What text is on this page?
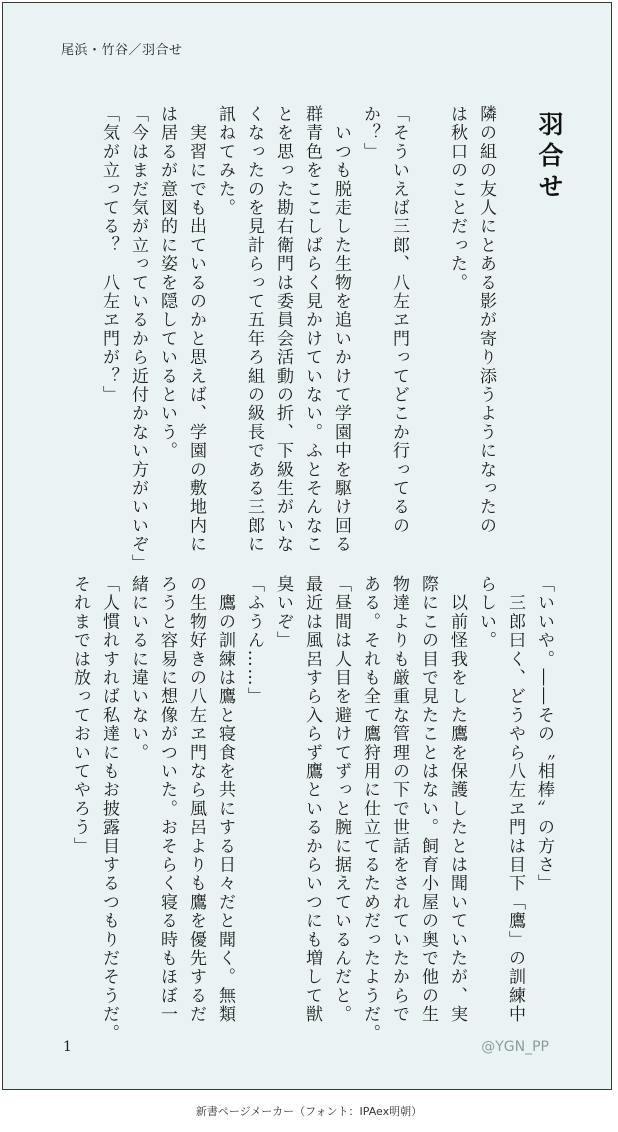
尾浜・竹谷／羽合せ
羽合せ
隣の組の友人にとある影が寄り添うようになったの
は秋口のことだった。
「そういえば三郎、八左ヱ門ってどこか行ってるの
か？」
　いつも脱走した生物を追いかけて学園中を駆け回る
群青色をここしばらく見かけていない。ふとそんなこ
とを思った勘右衛門は委員会活動の折、下級生がいな
くなったのを見計らって五年ろ組の級長である三郎に
訊ねてみた。
　実習にでも出ているのかと思えば、学園の敷地内に
は居るが意図的に姿を隠しているという。
「今はまだ気が立っているから近付かない方がいいぞ」
「気が立ってる？　八左ヱ門が？」
「いいや。――その〝相棒〟の方さ」
　三郎曰く、どうやら八左ヱ門は目下「鷹」の訓練中
らしい。
　以前怪我をした鷹を保護したとは聞いていたが、実
際にこの目で見たことはない。飼育小屋の奥で他の生
物達よりも厳重な管理の下で世話をされていたからで
ある。それも全て鷹狩用に仕立てるためだったようだ。
「昼間は人目を避けてずっと腕に据えているんだと。
最近は風呂すら入らず鷹といるからいつにも増して獣
臭いぞ」
「ふうん……」
　鷹の訓練は鷹と寝食を共にする日々だと聞く。無類
の生物好きの八左ヱ門なら風呂よりも鷹を優先するだ
ろうと容易に想像がついた。おそらく寝る時もほぼ一
緒にいるに違いない。
「人慣れすれば私達にもお披露目するつもりだそうだ。
それまでは放っておいてやろう」
1	@YGN_PP
新書ページメーカー（フォント：IPAex明朝）
